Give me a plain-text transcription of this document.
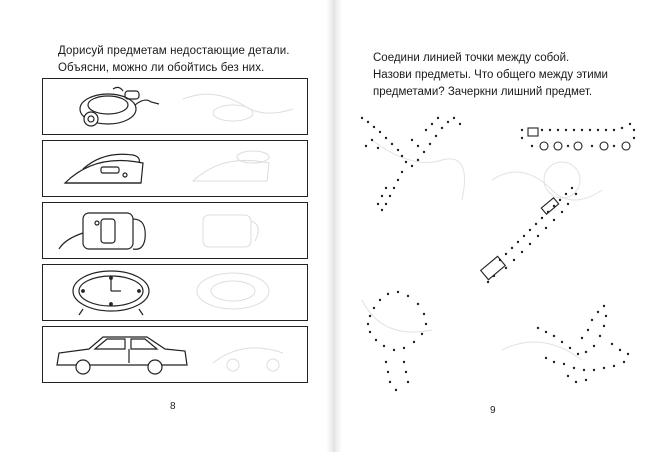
Дорисуй предметам недостающие детали.
Объясни, можно ли обойтись без них.
8
Соедини линией точки между собой.
Назови предметы. Что общего между этими
предметами? Зачеркни лишний предмет.
9
